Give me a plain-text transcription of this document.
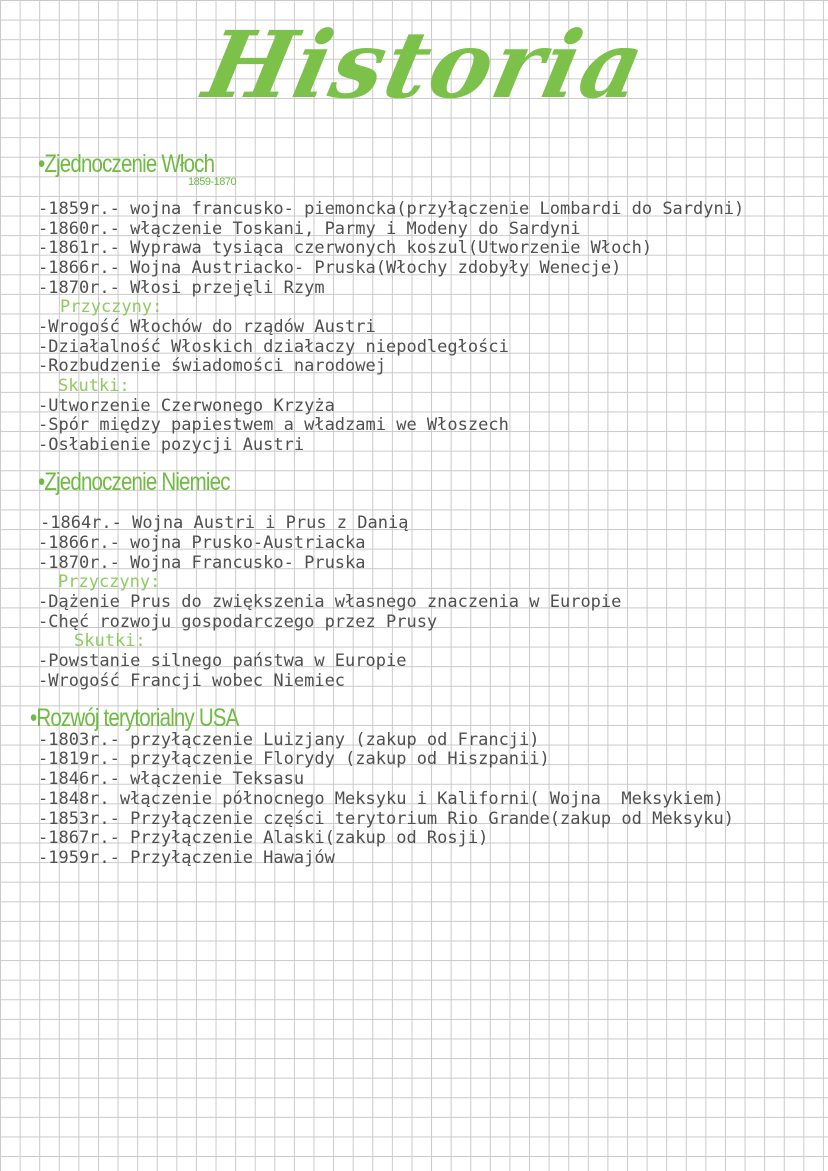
Historia
•Zjednoczenie Włoch
1859-1870
-1859r.- wojna francusko- piemoncka(przyłączenie Lombardi do Sardyni)
-1860r.- włączenie Toskani, Parmy i Modeny do Sardyni
-1861r.- Wyprawa tysiąca czerwonych koszul(Utworzenie Włoch)
-1866r.- Wojna Austriacko- Pruska(Włochy zdobyły Wenecje)
-1870r.- Włosi przejęli Rzym
Przyczyny:
-Wrogość Włochów do rządów Austri
-Działalność Włoskich działaczy niepodległości
-Rozbudzenie świadomości narodowej
Skutki:
-Utworzenie Czerwonego Krzyża
-Spór między papiestwem a władzami we Włoszech
-Osłabienie pozycji Austri
•Zjednoczenie Niemiec
-1864r.- Wojna Austri i Prus z Danią
-1866r.- wojna Prusko-Austriacka
-1870r.- Wojna Francusko- Pruska
Przyczyny:
-Dążenie Prus do zwiększenia własnego znaczenia w Europie
-Chęć rozwoju gospodarczego przez Prusy
Skutki:
-Powstanie silnego państwa w Europie
-Wrogość Francji wobec Niemiec
•Rozwój terytorialny USA
-1803r.- przyłączenie Luizjany (zakup od Francji)
-1819r.- przyłączenie Florydy (zakup od Hiszpanii)
-1846r.- włączenie Teksasu
-1848r. włączenie północnego Meksyku i Kaliforni( Wojna  Meksykiem)
-1853r.- Przyłączenie części terytorium Rio Grande(zakup od Meksyku)
-1867r.- Przyłączenie Alaski(zakup od Rosji)
-1959r.- Przyłączenie Hawajów
